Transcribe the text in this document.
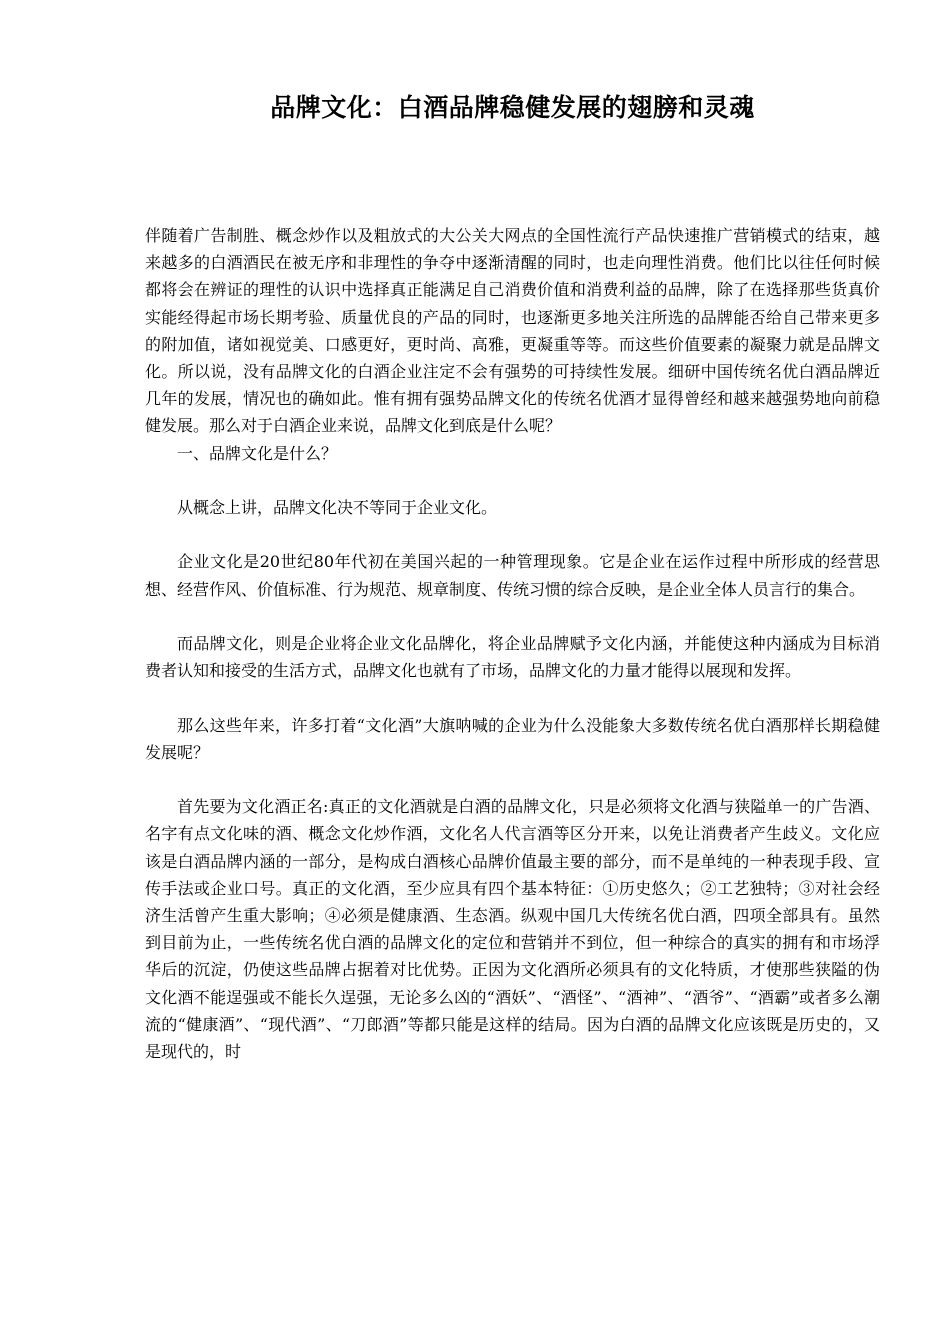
品牌文化：白酒品牌稳健发展的翅膀和灵魂

伴随着广告制胜、概念炒作以及粗放式的大公关大网点的全国性流行产品快速推广营销模式的结束，越来越多的白酒酒民在被无序和非理性的争夺中逐渐清醒的同时，也走向理性消费。他们比以往任何时候都将会在辨证的理性的认识中选择真正能满足自己消费价值和消费利益的品牌，除了在选择那些货真价实能经得起市场长期考验、质量优良的产品的同时，也逐渐更多地关注所选的品牌能否给自己带来更多的附加值，诸如视觉美、口感更好，更时尚、高雅，更凝重等等。而这些价值要素的凝聚力就是品牌文化。所以说，没有品牌文化的白酒企业注定不会有强势的可持续性发展。细研中国传统名优白酒品牌近几年的发展，情况也的确如此。惟有拥有强势品牌文化的传统名优酒才显得曾经和越来越强势地向前稳健发展。那么对于白酒企业来说，品牌文化到底是什么呢？

一、品牌文化是什么？

从概念上讲，品牌文化决不等同于企业文化。

企业文化是20世纪80年代初在美国兴起的一种管理现象。它是企业在运作过程中所形成的经营思想、经营作风、价值标准、行为规范、规章制度、传统习惯的综合反映，是企业全体人员言行的集合。

而品牌文化，则是企业将企业文化品牌化，将企业品牌赋予文化内涵，并能使这种内涵成为目标消费者认知和接受的生活方式，品牌文化也就有了市场，品牌文化的力量才能得以展现和发挥。

那么这些年来，许多打着“文化酒”大旗呐喊的企业为什么没能象大多数传统名优白酒那样长期稳健发展呢？

首先要为文化酒正名:真正的文化酒就是白酒的品牌文化，只是必须将文化酒与狭隘单一的广告酒、名字有点文化味的酒、概念文化炒作酒，文化名人代言酒等区分开来，以免让消费者产生歧义。文化应该是白酒品牌内涵的一部分，是构成白酒核心品牌价值最主要的部分，而不是单纯的一种表现手段、宣传手法或企业口号。真正的文化酒，至少应具有四个基本特征：①历史悠久；②工艺独特；③对社会经济生活曾产生重大影响；④必须是健康酒、生态酒。纵观中国几大传统名优白酒，四项全部具有。虽然到目前为止，一些传统名优白酒的品牌文化的定位和营销并不到位，但一种综合的真实的拥有和市场浮华后的沉淀，仍使这些品牌占据着对比优势。正因为文化酒所必须具有的文化特质，才使那些狭隘的伪文化酒不能逞强或不能长久逞强，无论多么凶的“酒妖”、“酒怪”、“酒神”、“酒爷”、“酒霸”或者多么潮流的“健康酒”、“现代酒”、“刀郎酒”等都只能是这样的结局。因为白酒的品牌文化应该既是历史的，又是现代的，时
